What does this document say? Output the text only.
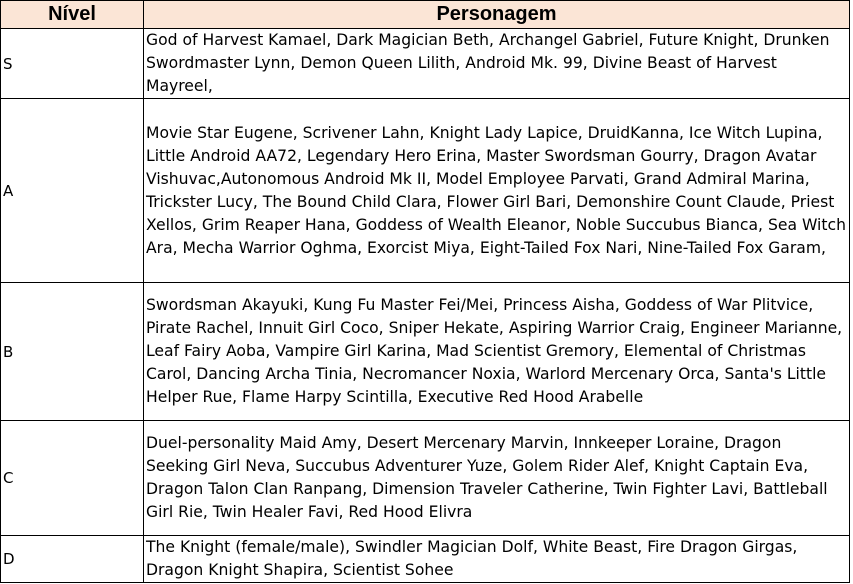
Nível	Personagem
S	God of Harvest Kamael, Dark Magician Beth, Archangel Gabriel, Future Knight, Drunken Swordmaster Lynn, Demon Queen Lilith, Android Mk. 99, Divine Beast of Harvest Mayreel,

A	Movie Star Eugene, Scrivener Lahn, Knight Lady Lapice, DruidKanna, Ice Witch Lupina, Little Android AA72, Legendary Hero Erina, Master Swordsman Gourry, Dragon Avatar Vishuvac,Autonomous Android Mk II, Model Employee Parvati, Grand Admiral Marina, Trickster Lucy, The Bound Child Clara, Flower Girl Bari, Demonshire Count Claude, Priest Xellos, Grim Reaper Hana, Goddess of Wealth Eleanor, Noble Succubus Bianca, Sea Witch Ara, Mecha Warrior Oghma, Exorcist Miya, Eight-Tailed Fox Nari, Nine-Tailed Fox Garam,

B	Swordsman Akayuki, Kung Fu Master Fei/Mei, Princess Aisha, Goddess of War Plitvice, Pirate Rachel, Innuit Girl Coco, Sniper Hekate, Aspiring Warrior Craig, Engineer Marianne, Leaf Fairy Aoba, Vampire Girl Karina, Mad Scientist Gremory, Elemental of Christmas Carol, Dancing Archa Tinia, Necromancer Noxia, Warlord Mercenary Orca, Santa's Little Helper Rue, Flame Harpy Scintilla, Executive Red Hood Arabelle

C	Duel-personality Maid Amy, Desert Mercenary Marvin, Innkeeper Loraine, Dragon Seeking Girl Neva, Succubus Adventurer Yuze, Golem Rider Alef, Knight Captain Eva, Dragon Talon Clan Ranpang, Dimension Traveler Catherine, Twin Fighter Lavi, Battleball Girl Rie, Twin Healer Favi, Red Hood Elivra

D	The Knight (female/male), Swindler Magician Dolf, White Beast, Fire Dragon Girgas, Dragon Knight Shapira, Scientist Sohee
